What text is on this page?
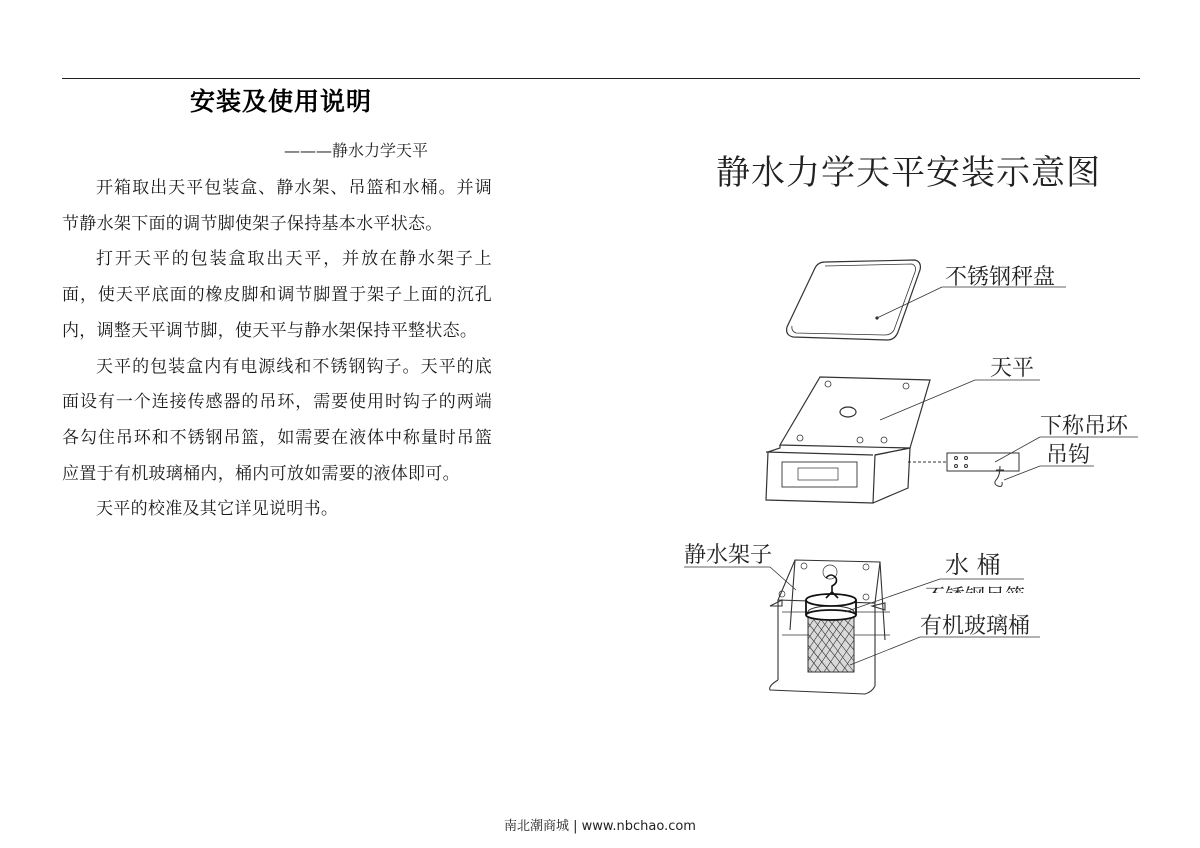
安装及使用说明
———静水力学天平

开箱取出天平包装盒、静水架、吊篮和水桶。并调节静水架下面的调节脚使架子保持基本水平状态。

打开天平的包装盒取出天平，并放在静水架子上面，使天平底面的橡皮脚和调节脚置于架子上面的沉孔内，调整天平调节脚，使天平与静水架保持平整状态。

天平的包装盒内有电源线和不锈钢钩子。天平的底面设有一个连接传感器的吊环，需要使用时钩子的两端各勾住吊环和不锈钢吊篮，如需要在液体中称量时吊篮应置于有机玻璃桶内，桶内可放如需要的液体即可。

天平的校准及其它详见说明书。

静水力学天平安装示意图
不锈钢秤盘
天平
下称吊环
吊钩
静水架子	水 桶
不锈钢吊篮
有机玻璃桶
南北潮商城 | www.nbchao.com
